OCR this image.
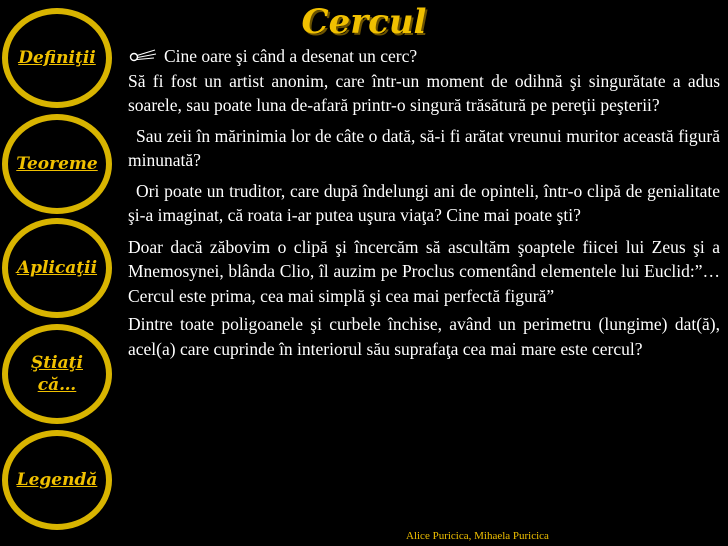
Cercul
Definiţii
Teoreme
Aplicaţii
Ştiaţi
că…
Legendă

Cine oare şi când a desenat un cerc?

Să fi fost un artist anonim, care într-un moment de odihnă şi singurătate a adus soarele, sau poate luna de-afară printr-o singură trăsătură pe pereţii peşterii?

Sau zeii în mărinimia lor de câte o dată, să-i fi arătat vreunui muritor această figură minunată?

Ori poate un truditor, care după îndelungi ani de opinteli, într-o clipă de genialitate şi-a imaginat, că roata i-ar putea uşura viaţa? Cine mai poate şti?

Doar dacă zăbovim o clipă şi încercăm să ascultăm şoaptele fiicei lui Zeus şi a Mnemosynei, blânda Clio, îl auzim pe Proclus comentând elementele lui Euclid:”…Cercul este prima, cea mai simplă şi cea mai perfectă figură”

Dintre toate poligoanele şi curbele închise, având un perimetru (lungime) dat(ă), acel(a) care cuprinde în interiorul său suprafaţa cea mai mare este cercul?

Alice Puricica, Mihaela Puricica
